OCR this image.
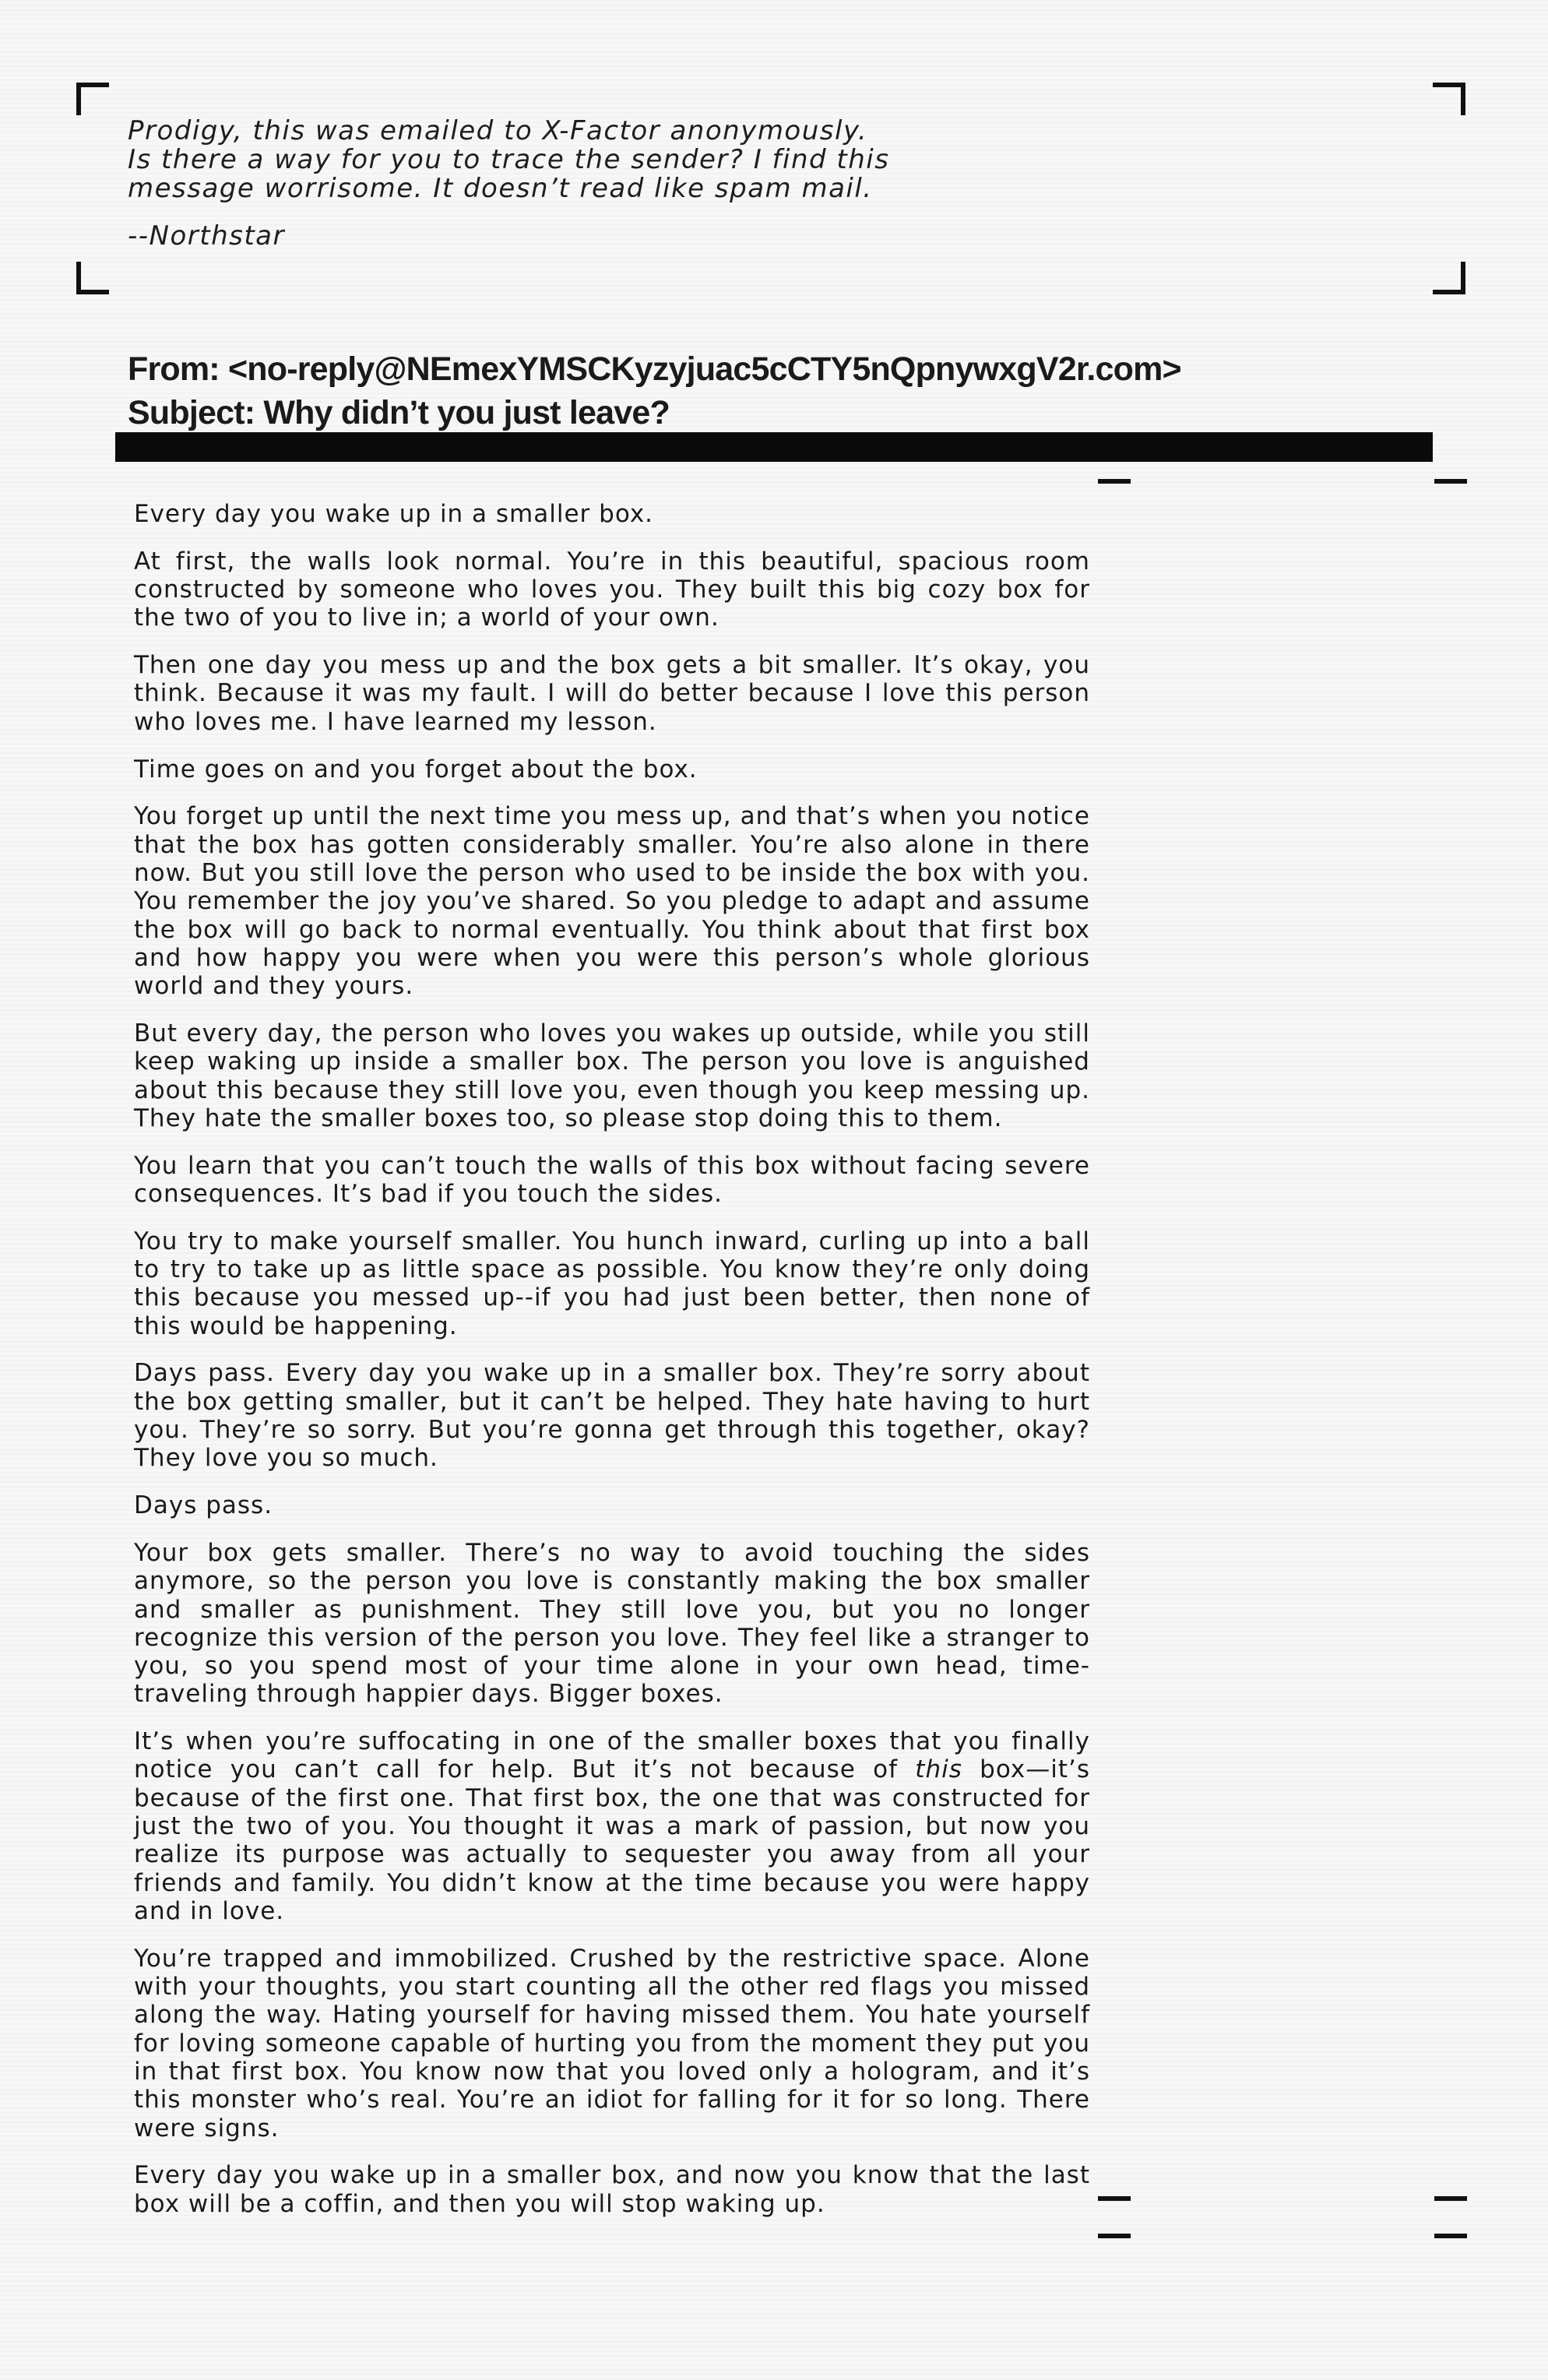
Prodigy, this was emailed to X-Factor anonymously.
Is there a way for you to trace the sender? I find this
message worrisome. It doesn’t read like spam mail.

--Northstar

From: <no-reply@NEmexYMSCKyzyjuac5cCTY5nQpnywxgV2r.com>
Subject: Why didn’t you just leave?

Every day you wake up in a smaller box.

At first, the walls look normal. You’re in this beautiful, spacious room constructed by someone who loves you. They built this big cozy box for the two of you to live in; a world of your own.

Then one day you mess up and the box gets a bit smaller. It’s okay, you think. Because it was my fault. I will do better because I love this person who loves me. I have learned my lesson.

Time goes on and you forget about the box.

You forget up until the next time you mess up, and that’s when you notice that the box has gotten considerably smaller. You’re also alone in there now. But you still love the person who used to be inside the box with you. You remember the joy you’ve shared. So you pledge to adapt and assume the box will go back to normal eventually. You think about that first box and how happy you were when you were this person’s whole glorious world and they yours.

But every day, the person who loves you wakes up outside, while you still keep waking up inside a smaller box. The person you love is anguished about this because they still love you, even though you keep messing up. They hate the smaller boxes too, so please stop doing this to them.

You learn that you can’t touch the walls of this box without facing severe consequences. It’s bad if you touch the sides.

You try to make yourself smaller. You hunch inward, curling up into a ball to try to take up as little space as possible. You know they’re only doing this because you messed up--if you had just been better, then none of this would be happening.

Days pass. Every day you wake up in a smaller box. They’re sorry about the box getting smaller, but it can’t be helped. They hate having to hurt you. They’re so sorry. But you’re gonna get through this together, okay? They love you so much.

Days pass.

Your box gets smaller. There’s no way to avoid touching the sides anymore, so the person you love is constantly making the box smaller and smaller as punishment. They still love you, but you no longer recognize this version of the person you love. They feel like a stranger to you, so you spend most of your time alone in your own head, time-traveling through happier days. Bigger boxes.

It’s when you’re suffocating in one of the smaller boxes that you finally notice you can’t call for help. But it’s not because of this box—it’s because of the first one. That first box, the one that was constructed for just the two of you. You thought it was a mark of passion, but now you realize its purpose was actually to sequester you away from all your friends and family. You didn’t know at the time because you were happy and in love.

You’re trapped and immobilized. Crushed by the restrictive space. Alone with your thoughts, you start counting all the other red flags you missed along the way. Hating yourself for having missed them. You hate yourself for loving someone capable of hurting you from the moment they put you in that first box. You know now that you loved only a hologram, and it’s this monster who’s real. You’re an idiot for falling for it for so long. There were signs.

Every day you wake up in a smaller box, and now you know that the last box will be a coffin, and then you will stop waking up.
